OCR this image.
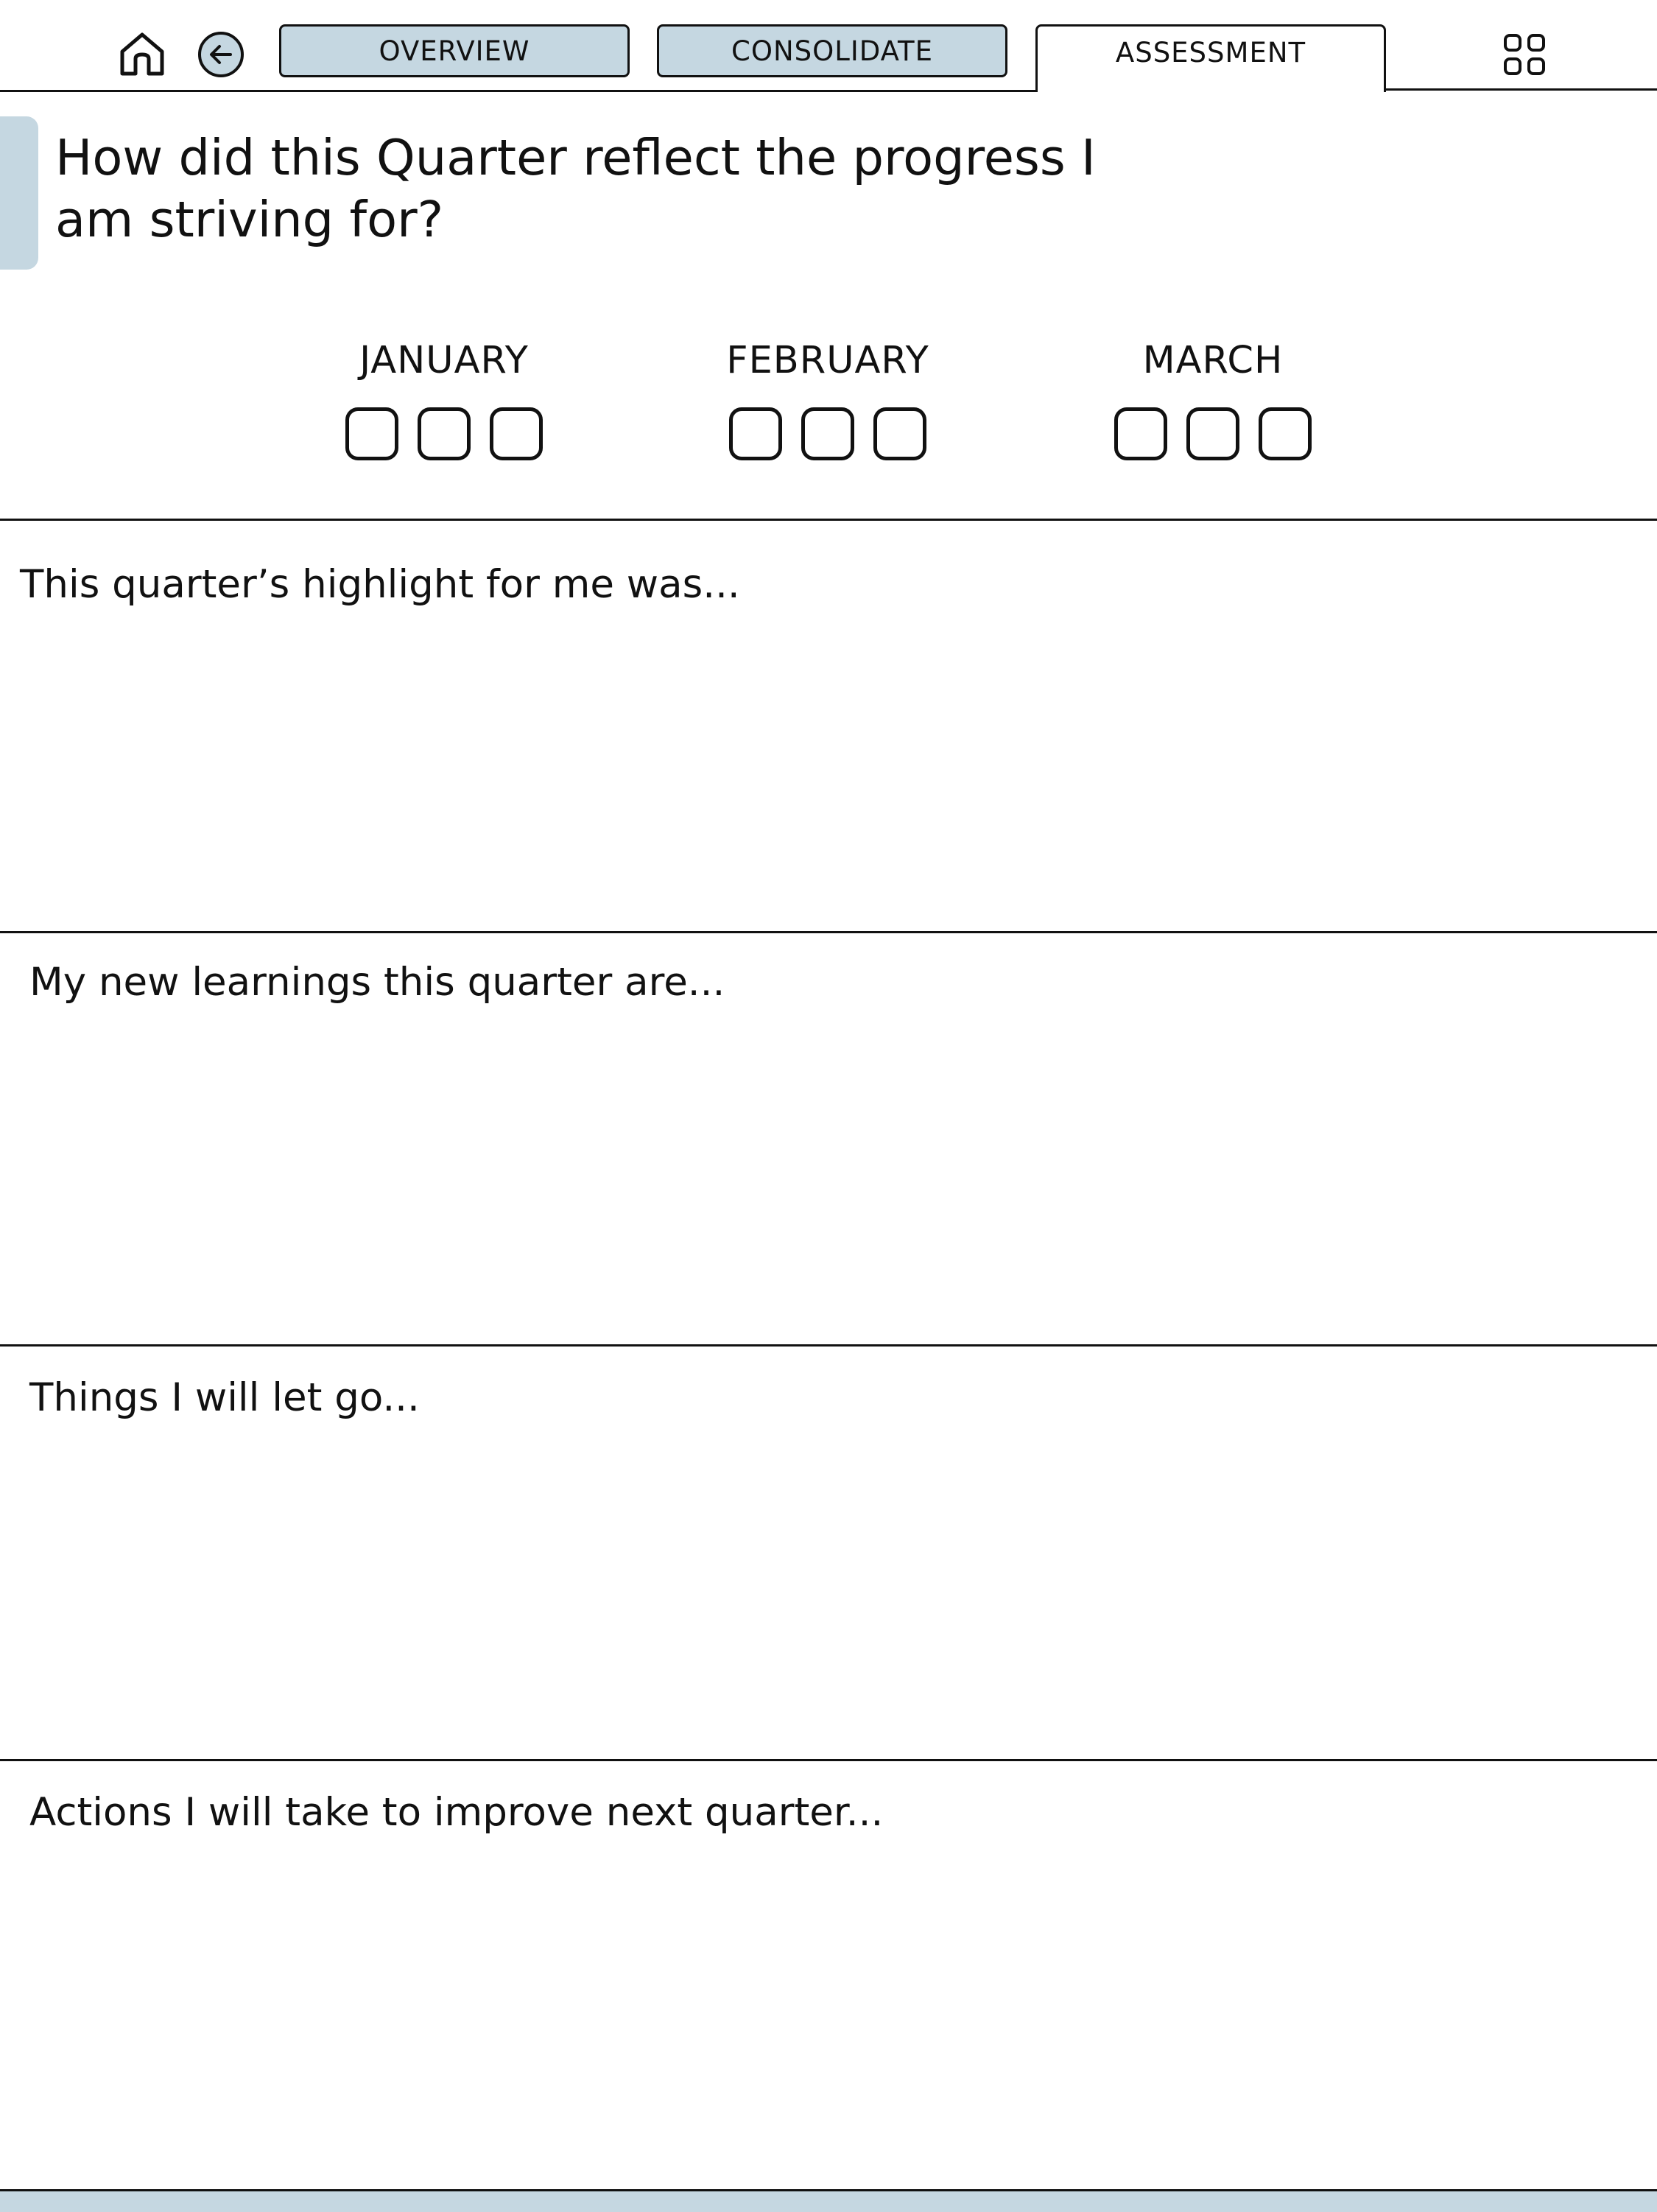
OVERVIEW	CONSOLIDATE	ASSESSMENT
How did this Quarter reflect the progress I am striving for?
JANUARY	FEBRUARY	MARCH

This quarter’s highlight for me was...

My new learnings this quarter are...

Things I will let go...

Actions I will take to improve next quarter...
